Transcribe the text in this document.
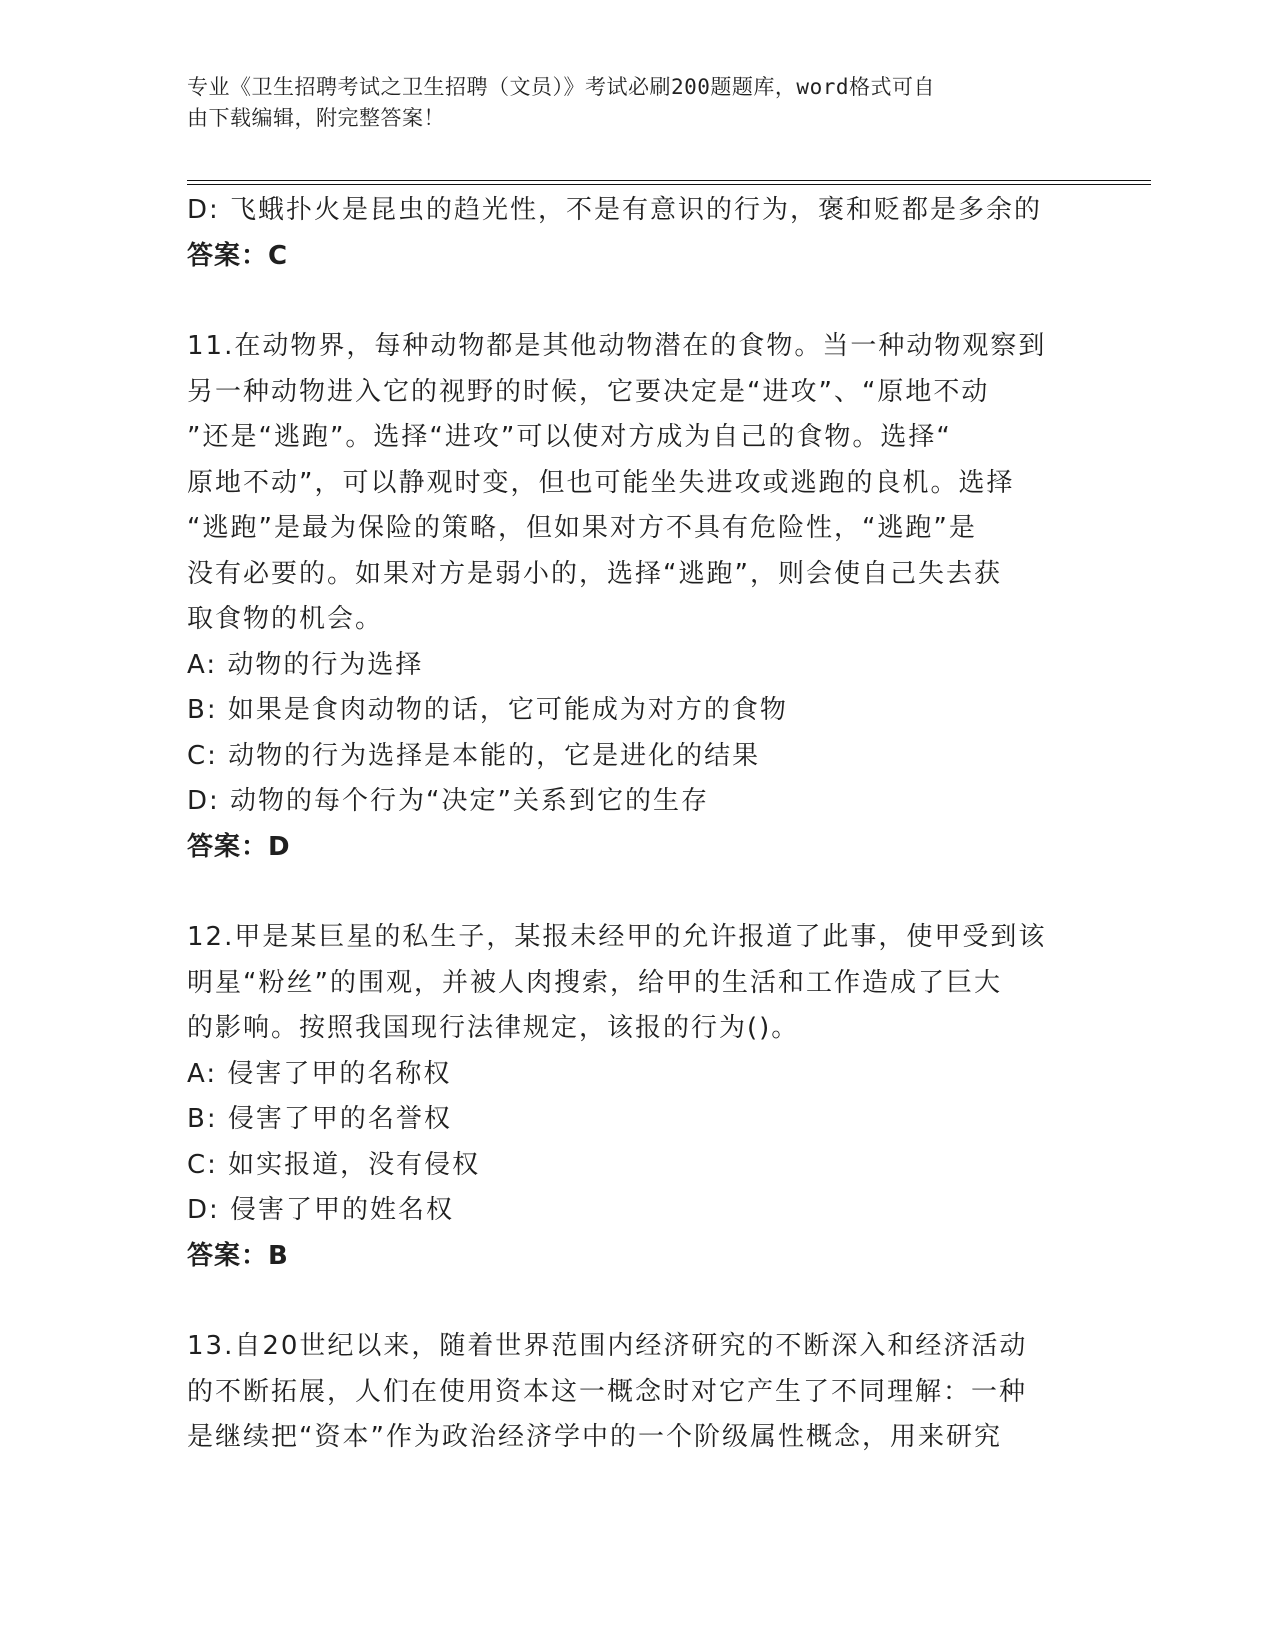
专业《卫生招聘考试之卫生招聘（文员）》考试必刷200题题库，word格式可自
由下载编辑，附完整答案！
D: 飞蛾扑火是昆虫的趋光性，不是有意识的行为，褒和贬都是多余的
答案：C
11.在动物界，每种动物都是其他动物潜在的食物。当一种动物观察到
另一种动物进入它的视野的时候，它要决定是“进攻”、“原地不动
”还是“逃跑”。选择“进攻”可以使对方成为自己的食物。选择“
原地不动”，可以静观时变，但也可能坐失进攻或逃跑的良机。选择
“逃跑”是最为保险的策略，但如果对方不具有危险性，“逃跑”是
没有必要的。如果对方是弱小的，选择“逃跑”，则会使自己失去获
取食物的机会。
A: 动物的行为选择
B: 如果是食肉动物的话，它可能成为对方的食物
C: 动物的行为选择是本能的，它是进化的结果
D: 动物的每个行为“决定”关系到它的生存
答案：D
12.甲是某巨星的私生子，某报未经甲的允许报道了此事，使甲受到该
明星“粉丝”的围观，并被人肉搜索，给甲的生活和工作造成了巨大
的影响。按照我国现行法律规定，该报的行为()。
A: 侵害了甲的名称权
B: 侵害了甲的名誉权
C: 如实报道，没有侵权
D: 侵害了甲的姓名权
答案：B
13.自20世纪以来，随着世界范围内经济研究的不断深入和经济活动
的不断拓展，人们在使用资本这一概念时对它产生了不同理解：一种
是继续把“资本”作为政治经济学中的一个阶级属性概念，用来研究
